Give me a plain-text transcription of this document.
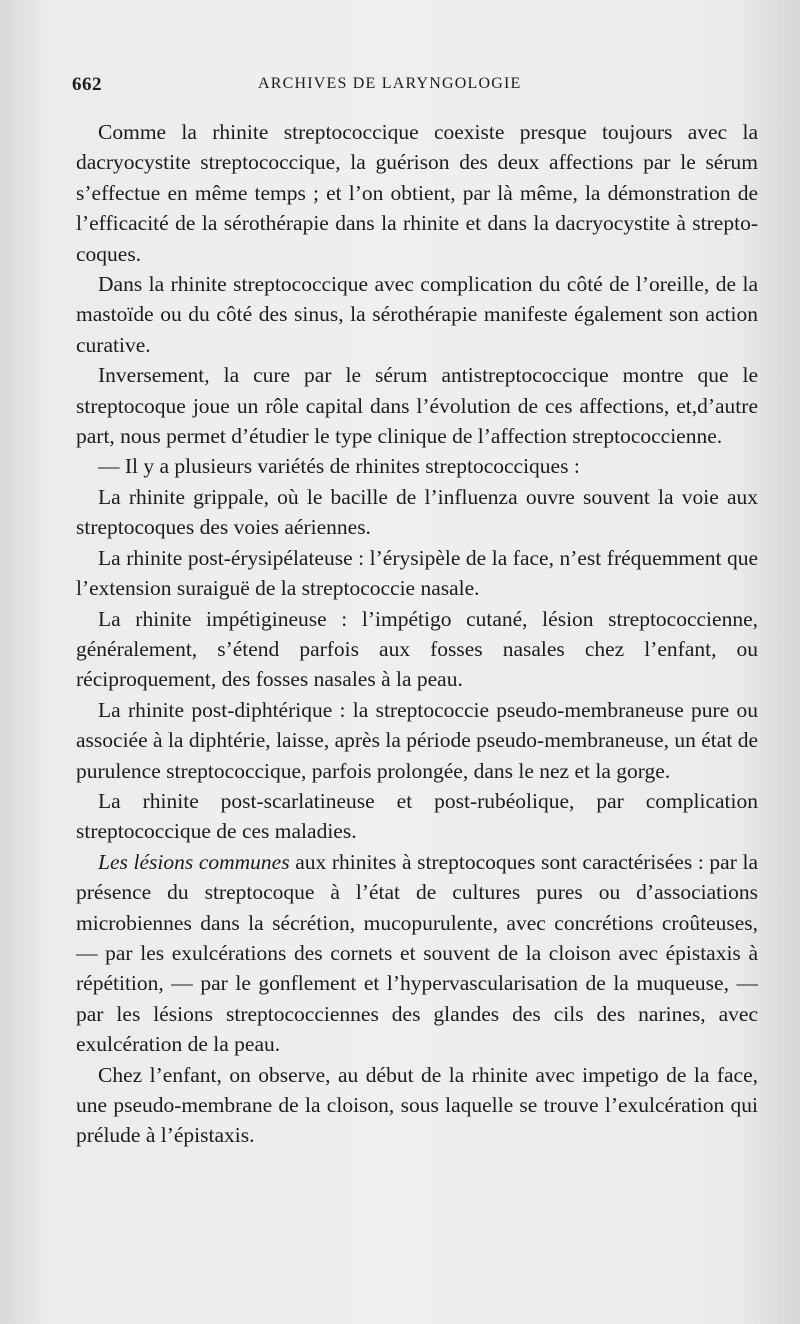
662	ARCHIVES DE LARYNGOLOGIE

Comme la rhinite streptococcique coexiste presque toujours avec la dacryocystite streptococcique, la guérison des deux affections par le sérum s’effectue en même temps ; et l’on obtient, par là même, la démonstration de l’efficacité de la sérothérapie dans la rhinite et dans la dacryocystite à streptocoques.

Dans la rhinite streptococcique avec complication du côté de l’oreille, de la mastoïde ou du côté des sinus, la sérothérapie manifeste également son action curative.

Inversement, la cure par le sérum antistreptococcique montre que le streptocoque joue un rôle capital dans l’évolution de ces affections, et,d’autre part, nous permet d’étudier le type clinique de l’affection streptococcienne.

— Il y a plusieurs variétés de rhinites streptococciques :

La rhinite grippale, où le bacille de l’influenza ouvre souvent la voie aux streptocoques des voies aériennes.

La rhinite post-érysipélateuse : l’érysipèle de la face, n’est fréquemment que l’extension suraiguë de la streptococcie nasale.

La rhinite impétigineuse : l’impétigo cutané, lésion streptococcienne, généralement, s’étend parfois aux fosses nasales chez l’enfant, ou réciproquement, des fosses nasales à la peau.

La rhinite post-diphtérique : la streptococcie pseudo-membraneuse pure ou associée à la diphtérie, laisse, après la période pseudo-membraneuse, un état de purulence streptococcique, parfois prolongée, dans le nez et la gorge.

La rhinite post-scarlatineuse et post-rubéolique, par complication streptococcique de ces maladies.

Les lésions communes aux rhinites à streptocoques sont caractérisées : par la présence du streptocoque à l’état de cultures pures ou d’associations microbiennes dans la sécrétion, mucopurulente, avec concrétions croûteuses, — par les exulcérations des cornets et souvent de la cloison avec épistaxis à répétition, — par le gonflement et l’hypervascularisation de la muqueuse, — par les lésions streptococciennes des glandes des cils des narines, avec exulcération de la peau.

Chez l’enfant, on observe, au début de la rhinite avec impetigo de la face, une pseudo-membrane de la cloison, sous laquelle se trouve l’exulcération qui prélude à l’épistaxis.
